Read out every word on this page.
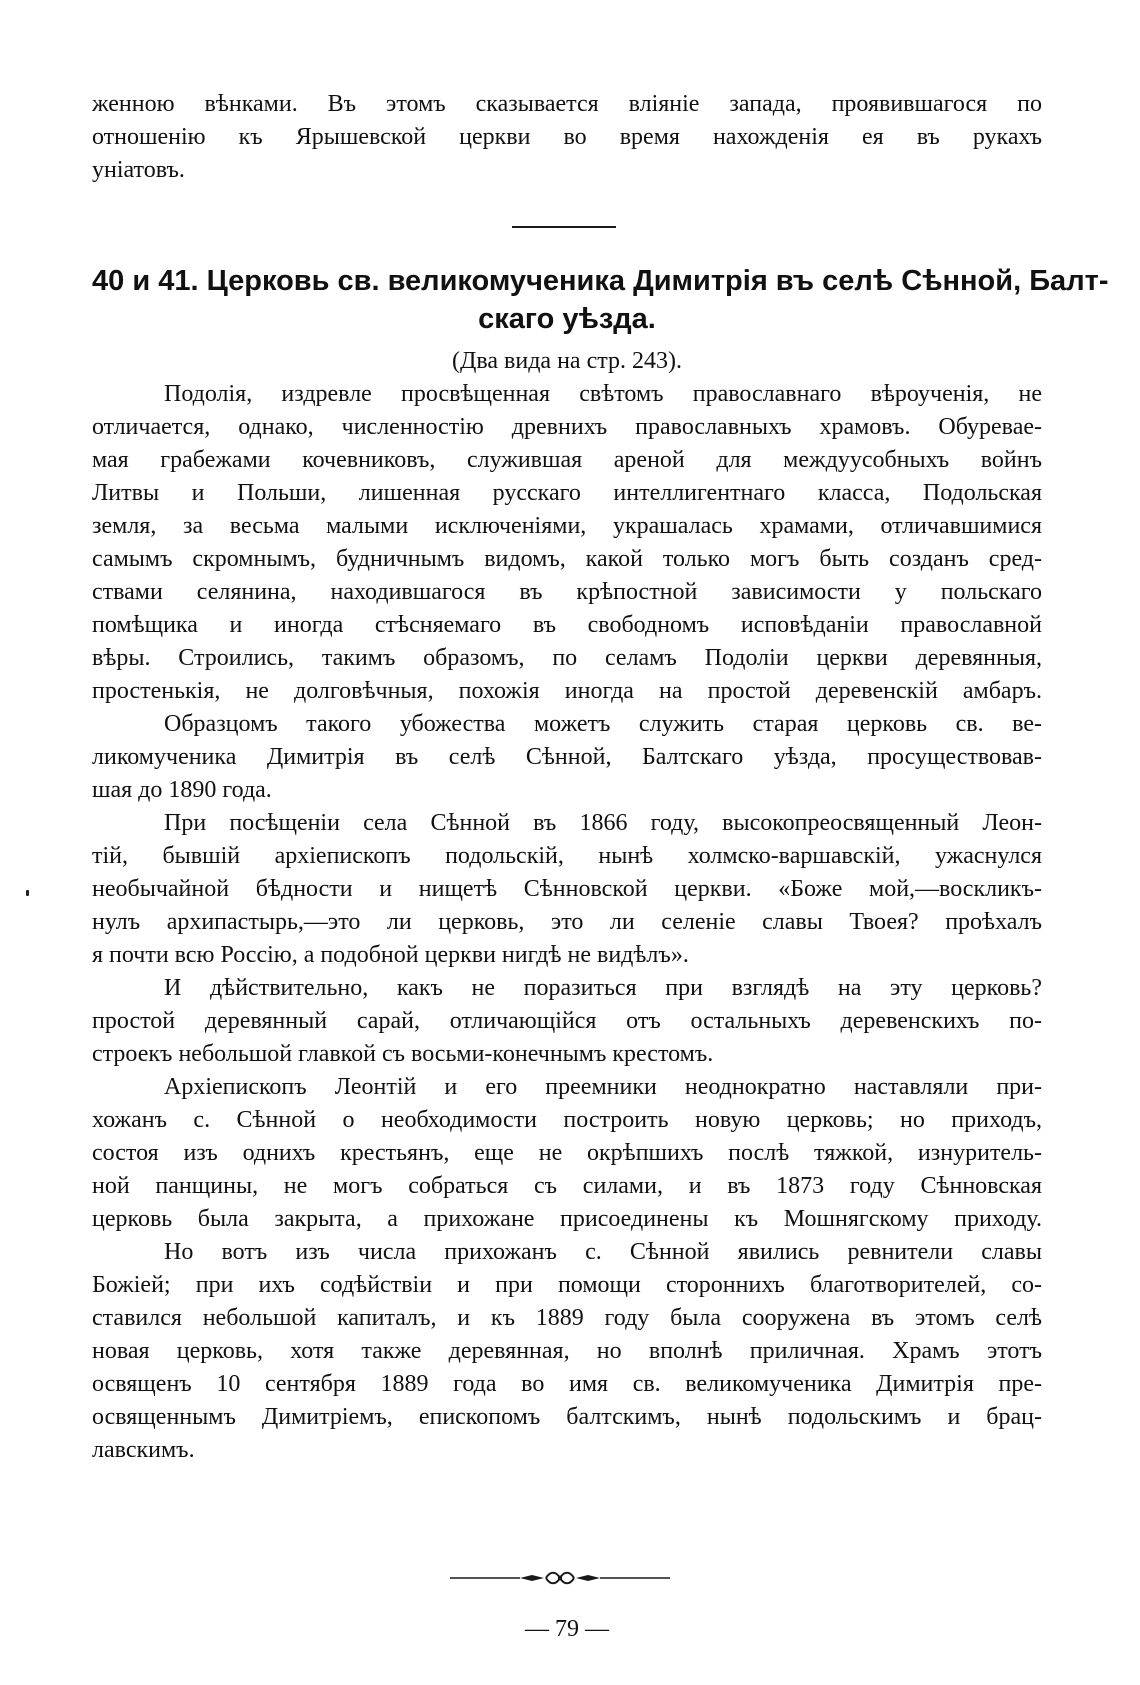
женною вѣнками. Въ этомъ сказывается вліяніе запада, проявившагося по
отношенію къ Ярышевской церкви во время нахожденія ея въ рукахъ
уніатовъ.
40 и 41. Церковь св. великомученика Димитрія въ селѣ Сѣнной, Балт-
скаго уѣзда.
(Два вида на стр. 243).
Подолія, издревле просвѣщенная свѣтомъ православнаго вѣроученія, не
отличается, однако, численностію древнихъ православныхъ храмовъ. Обуревае-
мая грабежами кочевниковъ, служившая ареной для междуусобныхъ войнъ
Литвы и Польши, лишенная русскаго интеллигентнаго класса, Подольская
земля, за весьма малыми исключеніями, украшалась храмами, отличавшимися
самымъ скромнымъ, будничнымъ видомъ, какой только могъ быть созданъ сред-
ствами селянина, находившагося въ крѣпостной зависимости у польскаго
помѣщика и иногда стѣсняемаго въ свободномъ исповѣданіи православной
вѣры. Строились, такимъ образомъ, по селамъ Подоліи церкви деревянныя,
простенькія, не долговѣчныя, похожія иногда на простой деревенскій амбаръ.
Образцомъ такого убожества можетъ служить старая церковь св. ве-
ликомученика Димитрія въ селѣ Сѣнной, Балтскаго уѣзда, просуществовав-
шая до 1890 года.
При посѣщеніи села Сѣнной въ 1866 году, высокопреосвященный Леон-
тій, бывшій архіепископъ подольскій, нынѣ холмско-варшавскій, ужаснулся
необычайной бѣдности и нищетѣ Сѣнновской церкви. «Боже мой,—воскликъ-
нулъ архипастырь,—это ли церковь, это ли селеніе славы Твоея? проѣхалъ
я почти всю Россію, а подобной церкви нигдѣ не видѣлъ».
И дѣйствительно, какъ не поразиться при взглядѣ на эту церковь?
простой деревянный сарай, отличающійся отъ остальныхъ деревенскихъ по-
строекъ небольшой главкой съ восьми-конечнымъ крестомъ.
Архіепископъ Леонтій и его преемники неоднократно наставляли при-
хожанъ с. Сѣнной о необходимости построить новую церковь; но приходъ,
состоя изъ однихъ крестьянъ, еще не окрѣпшихъ послѣ тяжкой, изнуритель-
ной панщины, не могъ собраться съ силами, и въ 1873 году Сѣнновская
церковь была закрыта, а прихожане присоединены къ Мошнягскому приходу.
Но вотъ изъ числа прихожанъ с. Сѣнной явились ревнители славы
Божіей; при ихъ содѣйствіи и при помощи стороннихъ благотворителей, со-
ставился небольшой капиталъ, и къ 1889 году была сооружена въ этомъ селѣ
новая церковь, хотя также деревянная, но вполнѣ приличная. Храмъ этотъ
освященъ 10 сентября 1889 года во имя св. великомученика Димитрія пре-
освященнымъ Димитріемъ, епископомъ балтскимъ, нынѣ подольскимъ и брац-
лавскимъ.
— 79 —
